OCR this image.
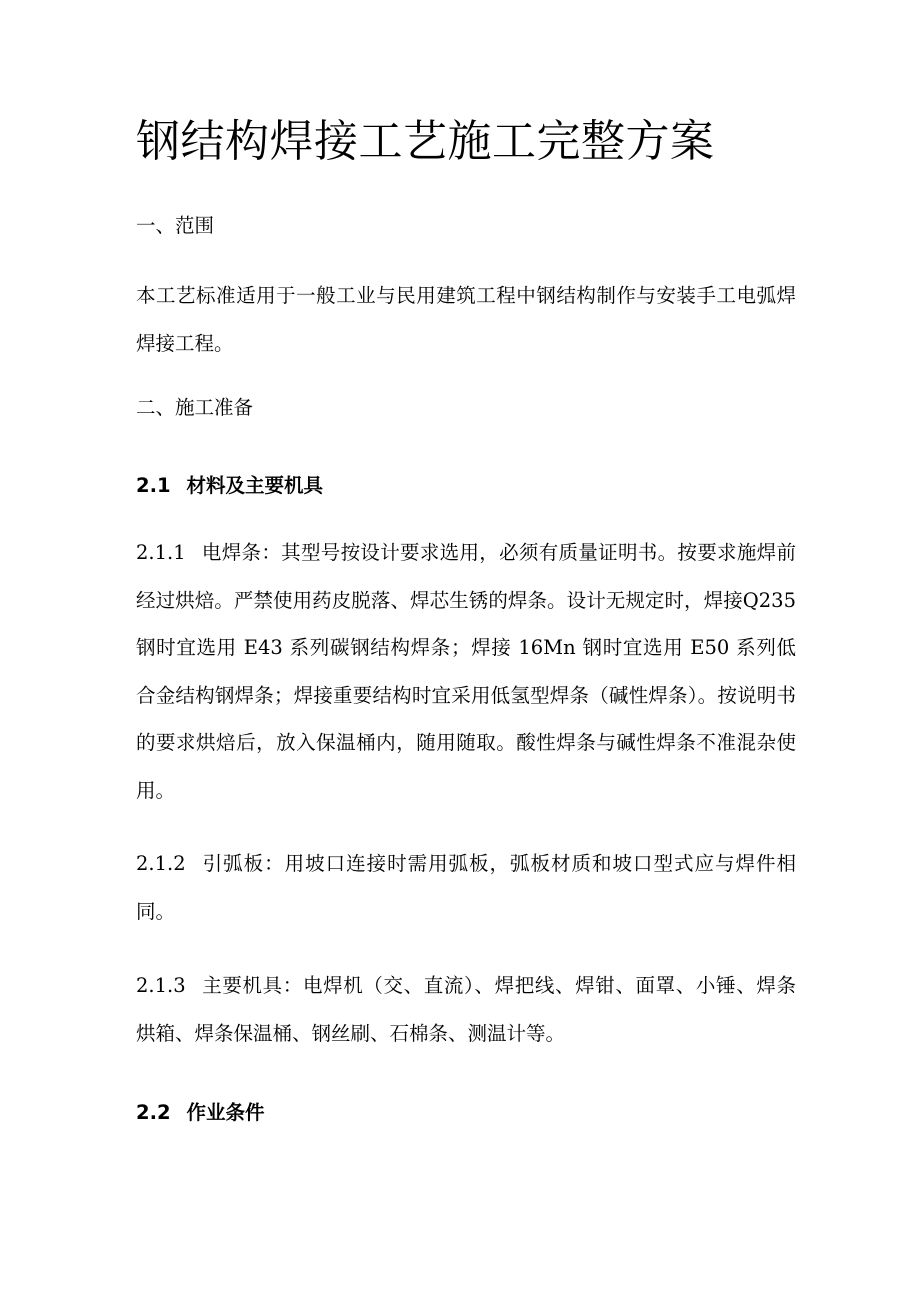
钢结构焊接工艺施工完整方案

一、范围

本工艺标准适用于一般工业与民用建筑工程中钢结构制作与安装手工电弧焊焊接工程。

二、施工准备

2.1 材料及主要机具

2.1.1 电焊条：其型号按设计要求选用，必须有质量证明书。按要求施焊前经过烘焙。严禁使用药皮脱落、焊芯生锈的焊条。设计无规定时，焊接Q235 钢时宜选用 E43 系列碳钢结构焊条；焊接 16Mn 钢时宜选用 E50 系列低合金结构钢焊条；焊接重要结构时宜采用低氢型焊条（碱性焊条）。按说明书的要求烘焙后，放入保温桶内，随用随取。酸性焊条与碱性焊条不准混杂使用。

2.1.2 引弧板：用坡口连接时需用弧板，弧板材质和坡口型式应与焊件相同。

2.1.3 主要机具：电焊机（交、直流）、焊把线、焊钳、面罩、小锤、焊条烘箱、焊条保温桶、钢丝刷、石棉条、测温计等。

2.2 作业条件
